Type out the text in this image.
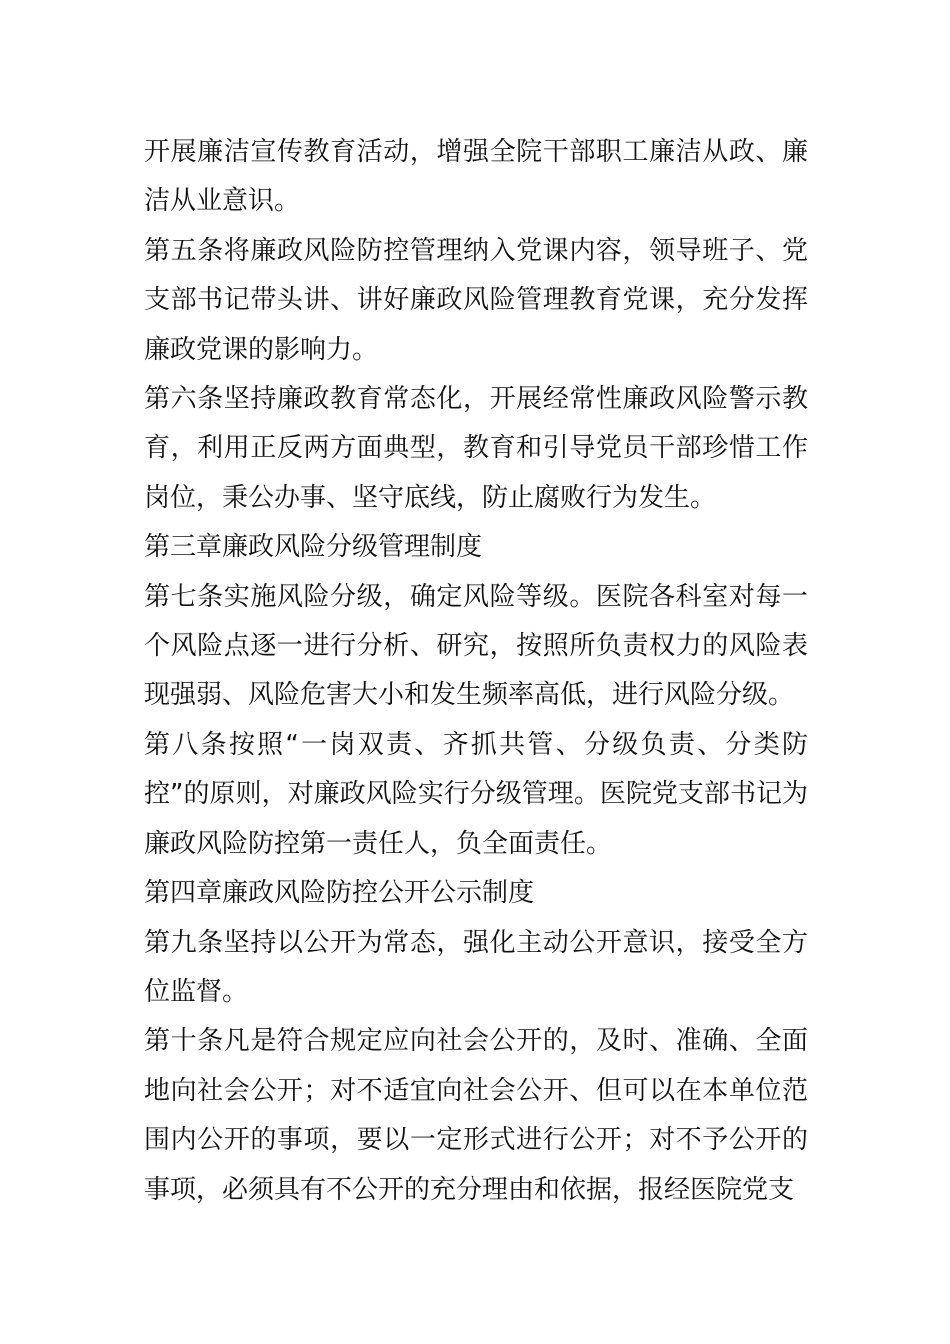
开展廉洁宣传教育活动，增强全院干部职工廉洁从政、廉洁从业意识。

第五条将廉政风险防控管理纳入党课内容，领导班子、党支部书记带头讲、讲好廉政风险管理教育党课，充分发挥廉政党课的影响力。

第六条坚持廉政教育常态化，开展经常性廉政风险警示教育，利用正反两方面典型，教育和引导党员干部珍惜工作岗位，秉公办事、坚守底线，防止腐败行为发生。

第三章廉政风险分级管理制度

第七条实施风险分级，确定风险等级。医院各科室对每一个风险点逐一进行分析、研究，按照所负责权力的风险表现强弱、风险危害大小和发生频率高低，进行风险分级。

第八条按照“一岗双责、齐抓共管、分级负责、分类防控”的原则，对廉政风险实行分级管理。医院党支部书记为廉政风险防控第一责任人，负全面责任。

第四章廉政风险防控公开公示制度

第九条坚持以公开为常态，强化主动公开意识，接受全方位监督。

第十条凡是符合规定应向社会公开的，及时、准确、全面地向社会公开；对不适宜向社会公开、但可以在本单位范围内公开的事项，要以一定形式进行公开；对不予公开的事项，必须具有不公开的充分理由和依据，报经医院党支
